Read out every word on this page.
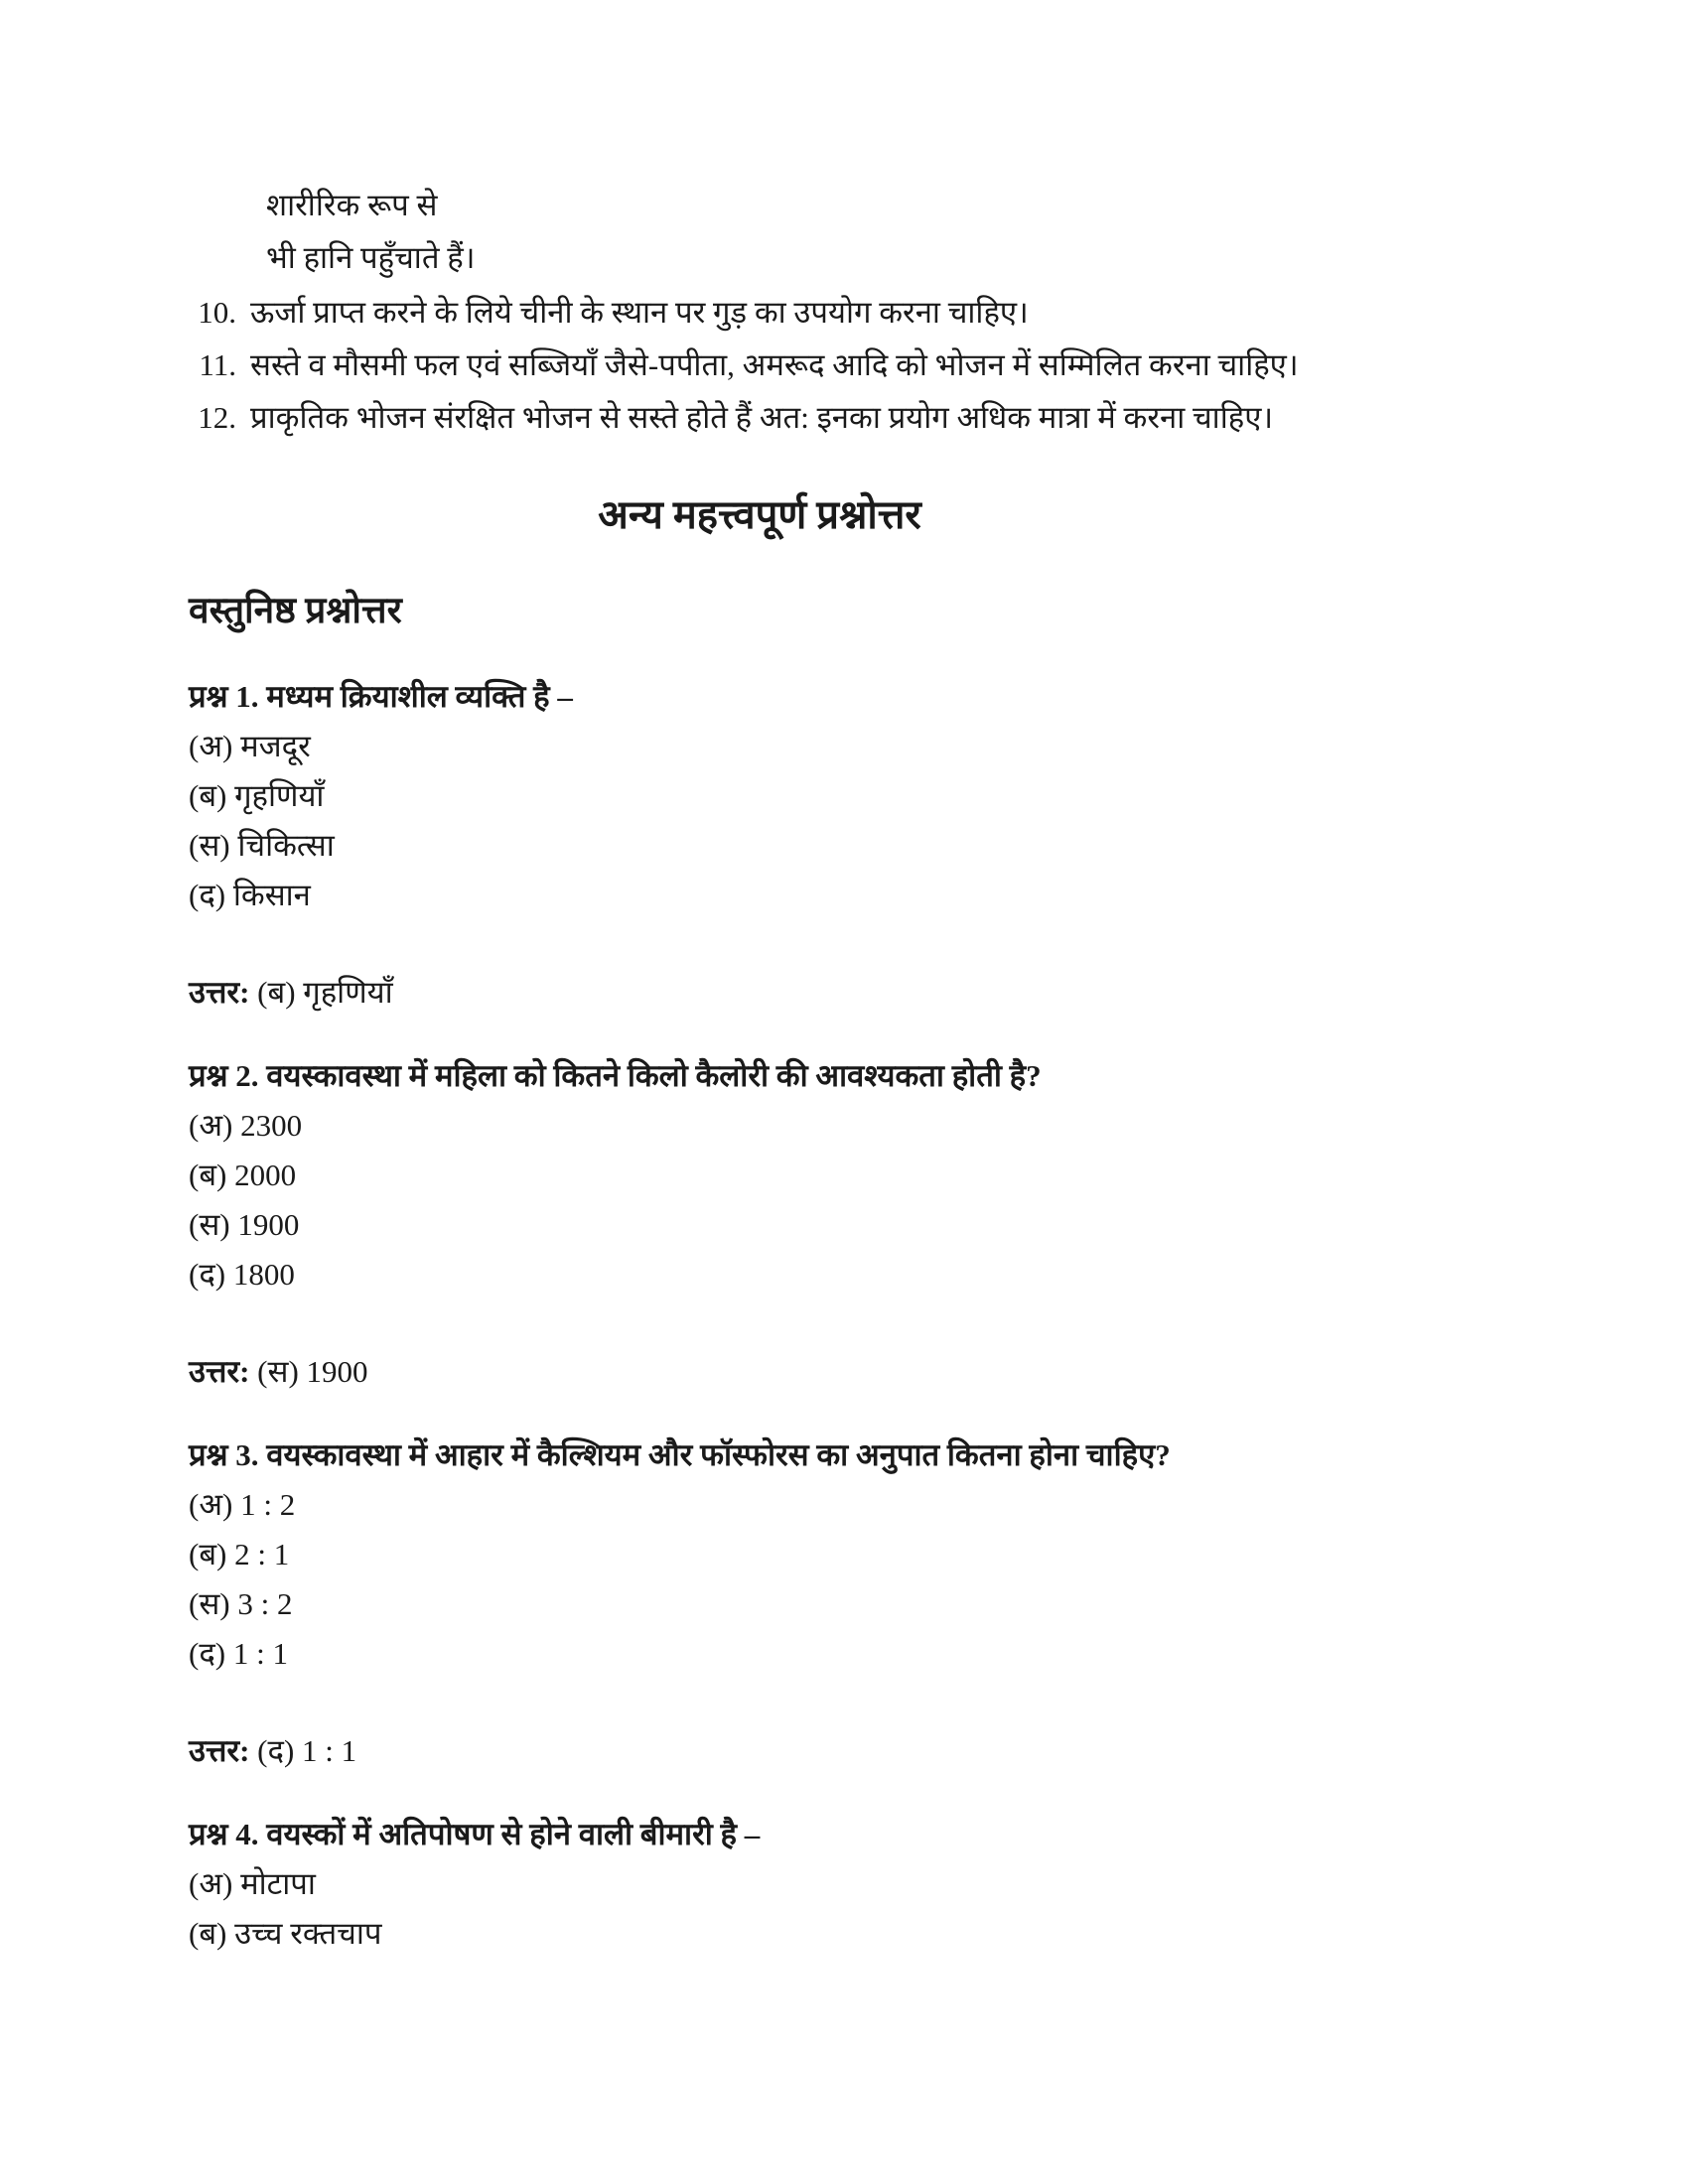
शारीरिक रूप से
भी हानि पहुँचाते हैं।
10. ऊर्जा प्राप्त करने के लिये चीनी के स्थान पर गुड़ का उपयोग करना चाहिए।
11. सस्ते व मौसमी फल एवं सब्जियाँ जैसे-पपीता, अमरूद आदि को भोजन में सम्मिलित करना चाहिए।
12. प्राकृतिक भोजन संरक्षित भोजन से सस्ते होते हैं अत: इनका प्रयोग अधिक मात्रा में करना चाहिए।
अन्य महत्त्वपूर्ण प्रश्नोत्तर
वस्तुनिष्ठ प्रश्नोत्तर

प्रश्न 1. मध्यम क्रियाशील व्यक्ति है –

(अ) मजदूर
(ब) गृहणियाँ
(स) चिकित्सा
(द) किसान

उत्तर: (ब) गृहणियाँ

प्रश्न 2. वयस्कावस्था में महिला को कितने किलो कैलोरी की आवश्यकता होती है?

(अ) 2300
(ब) 2000
(स) 1900
(द) 1800

उत्तर: (स) 1900

प्रश्न 3. वयस्कावस्था में आहार में कैल्शियम और फॉस्फोरस का अनुपात कितना होना चाहिए?

(अ) 1 : 2
(ब) 2 : 1
(स) 3 : 2
(द) 1 : 1

उत्तर: (द) 1 : 1

प्रश्न 4. वयस्कों में अतिपोषण से होने वाली बीमारी है –

(अ) मोटापा
(ब) उच्च रक्तचाप
